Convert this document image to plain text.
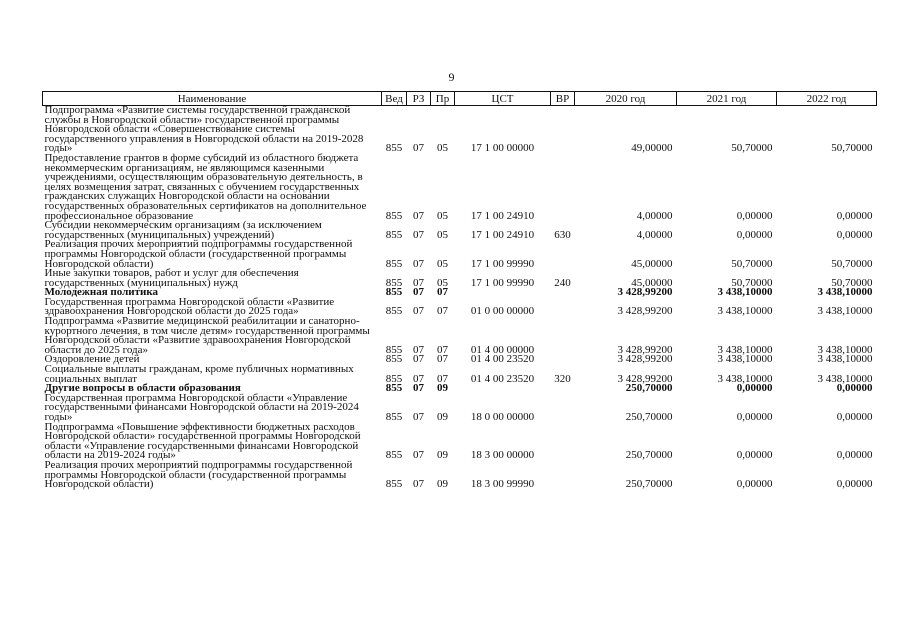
9
Наименование	Вед	РЗ	Пр	ЦСТ	ВР	2020 год	2021 год	2022 год
Подпрограмма «Развитие системы государственной гражданской службы в Новгородской области» государственной программы Новгородской области «Совершенствование системы государственного управления в Новгородской области на 2019-2028 годы»	855	07	05	17 1 00 00000		49,00000	50,70000	50,70000
Предоставление грантов в форме субсидий из областного бюджета некоммерческим организациям, не являющимся казенными учреждениями, осуществляющим образовательную деятельность, в целях возмещения затрат, связанных с обучением государственных гражданских служащих Новгородской области на основании государственных образовательных сертификатов на дополнительное профессиональное образование	855	07	05	17 1 00 24910		4,00000	0,00000	0,00000
Субсидии некоммерческим организациям (за исключением государственных (муниципальных) учреждений)	855	07	05	17 1 00 24910	630	4,00000	0,00000	0,00000
Реализация прочих мероприятий подпрограммы государственной программы Новгородской области (государственной программы Новгородской области)	855	07	05	17 1 00 99990		45,00000	50,70000	50,70000
Иные закупки товаров, работ и услуг для обеспечения государственных (муниципальных) нужд	855	07	05	17 1 00 99990	240	45,00000	50,70000	50,70000
Молодежная политика	855	07	07			3 428,99200	3 438,10000	3 438,10000
Государственная программа Новгородской области «Развитие здравоохранения Новгородской области до 2025 года»	855	07	07	01 0 00 00000		3 428,99200	3 438,10000	3 438,10000
Подпрограмма «Развитие медицинской реабилитации и санаторно-курортного лечения, в том числе детям» государственной программы Новгородской области «Развитие здравоохранения Новгородской области до 2025 года»	855	07	07	01 4 00 00000		3 428,99200	3 438,10000	3 438,10000
Оздоровление детей	855	07	07	01 4 00 23520		3 428,99200	3 438,10000	3 438,10000
Социальные выплаты гражданам, кроме публичных нормативных социальных выплат	855	07	07	01 4 00 23520	320	3 428,99200	3 438,10000	3 438,10000
Другие вопросы в области образования	855	07	09			250,70000	0,00000	0,00000
Государственная программа Новгородской области «Управление государственными финансами Новгородской области на 2019-2024 годы»	855	07	09	18 0 00 00000		250,70000	0,00000	0,00000
Подпрограмма «Повышение эффективности бюджетных расходов Новгородской области» государственной программы Новгородской области «Управление государственными финансами Новгородской области на 2019-2024 годы»	855	07	09	18 3 00 00000		250,70000	0,00000	0,00000
Реализация прочих мероприятий подпрограммы государственной программы Новгородской области (государственной программы Новгородской области)	855	07	09	18 3 00 99990		250,70000	0,00000	0,00000
